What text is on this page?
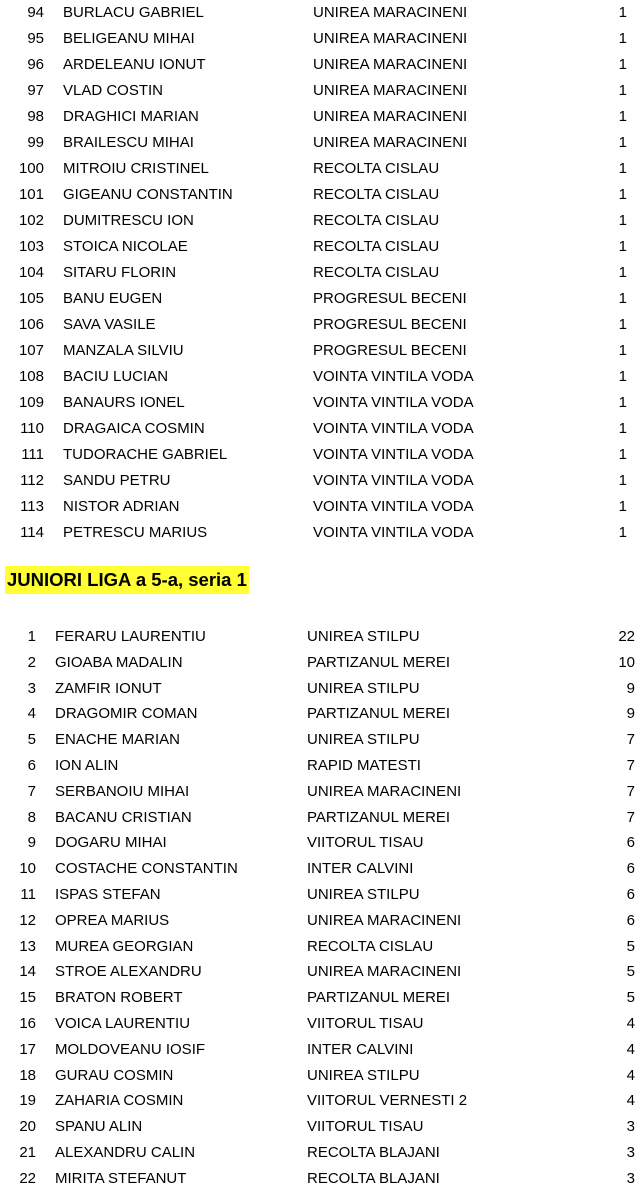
94 BURLACU GABRIEL	UNIREA MARACINENI	1
95 BELIGEANU MIHAI	UNIREA MARACINENI	1
96 ARDELEANU IONUT	UNIREA MARACINENI	1
97 VLAD COSTIN	UNIREA MARACINENI	1
98 DRAGHICI MARIAN	UNIREA MARACINENI	1
99 BRAILESCU MIHAI	UNIREA MARACINENI	1
100 MITROIU CRISTINEL	RECOLTA CISLAU	1
101 GIGEANU CONSTANTIN	RECOLTA CISLAU	1
102 DUMITRESCU ION	RECOLTA CISLAU	1
103 STOICA NICOLAE	RECOLTA CISLAU	1
104 SITARU FLORIN	RECOLTA CISLAU	1
105 BANU EUGEN	PROGRESUL BECENI	1
106 SAVA VASILE	PROGRESUL BECENI	1
107 MANZALA SILVIU	PROGRESUL BECENI	1
108 BACIU LUCIAN	VOINTA VINTILA VODA	1
109 BANAURS IONEL	VOINTA VINTILA VODA	1
110 DRAGAICA COSMIN	VOINTA VINTILA VODA	1
111 TUDORACHE GABRIEL	VOINTA VINTILA VODA	1
112 SANDU PETRU	VOINTA VINTILA VODA	1
113 NISTOR ADRIAN	VOINTA VINTILA VODA	1
114 PETRESCU MARIUS	VOINTA VINTILA VODA	1
JUNIORI LIGA a 5-a, seria 1
1 FERARU LAURENTIU	UNIREA STILPU	22
2 GIOABA MADALIN	PARTIZANUL MEREI	10
3 ZAMFIR IONUT	UNIREA STILPU	9
4 DRAGOMIR COMAN	PARTIZANUL MEREI	9
5 ENACHE MARIAN	UNIREA STILPU	7
6 ION ALIN	RAPID MATESTI	7
7 SERBANOIU MIHAI	UNIREA MARACINENI	7
8 BACANU CRISTIAN	PARTIZANUL MEREI	7
9 DOGARU MIHAI	VIITORUL TISAU	6
10 COSTACHE CONSTANTIN	INTER CALVINI	6
11 ISPAS STEFAN	UNIREA STILPU	6
12 OPREA MARIUS	UNIREA MARACINENI	6
13 MUREA GEORGIAN	RECOLTA CISLAU	5
14 STROE ALEXANDRU	UNIREA MARACINENI	5
15 BRATON ROBERT	PARTIZANUL MEREI	5
16 VOICA LAURENTIU	VIITORUL TISAU	4
17 MOLDOVEANU IOSIF	INTER CALVINI	4
18 GURAU COSMIN	UNIREA STILPU	4
19 ZAHARIA COSMIN	VIITORUL VERNESTI 2	4
20 SPANU ALIN	VIITORUL TISAU	3
21 ALEXANDRU CALIN	RECOLTA BLAJANI	3
22 MIRITA STEFANUT	RECOLTA BLAJANI	3
